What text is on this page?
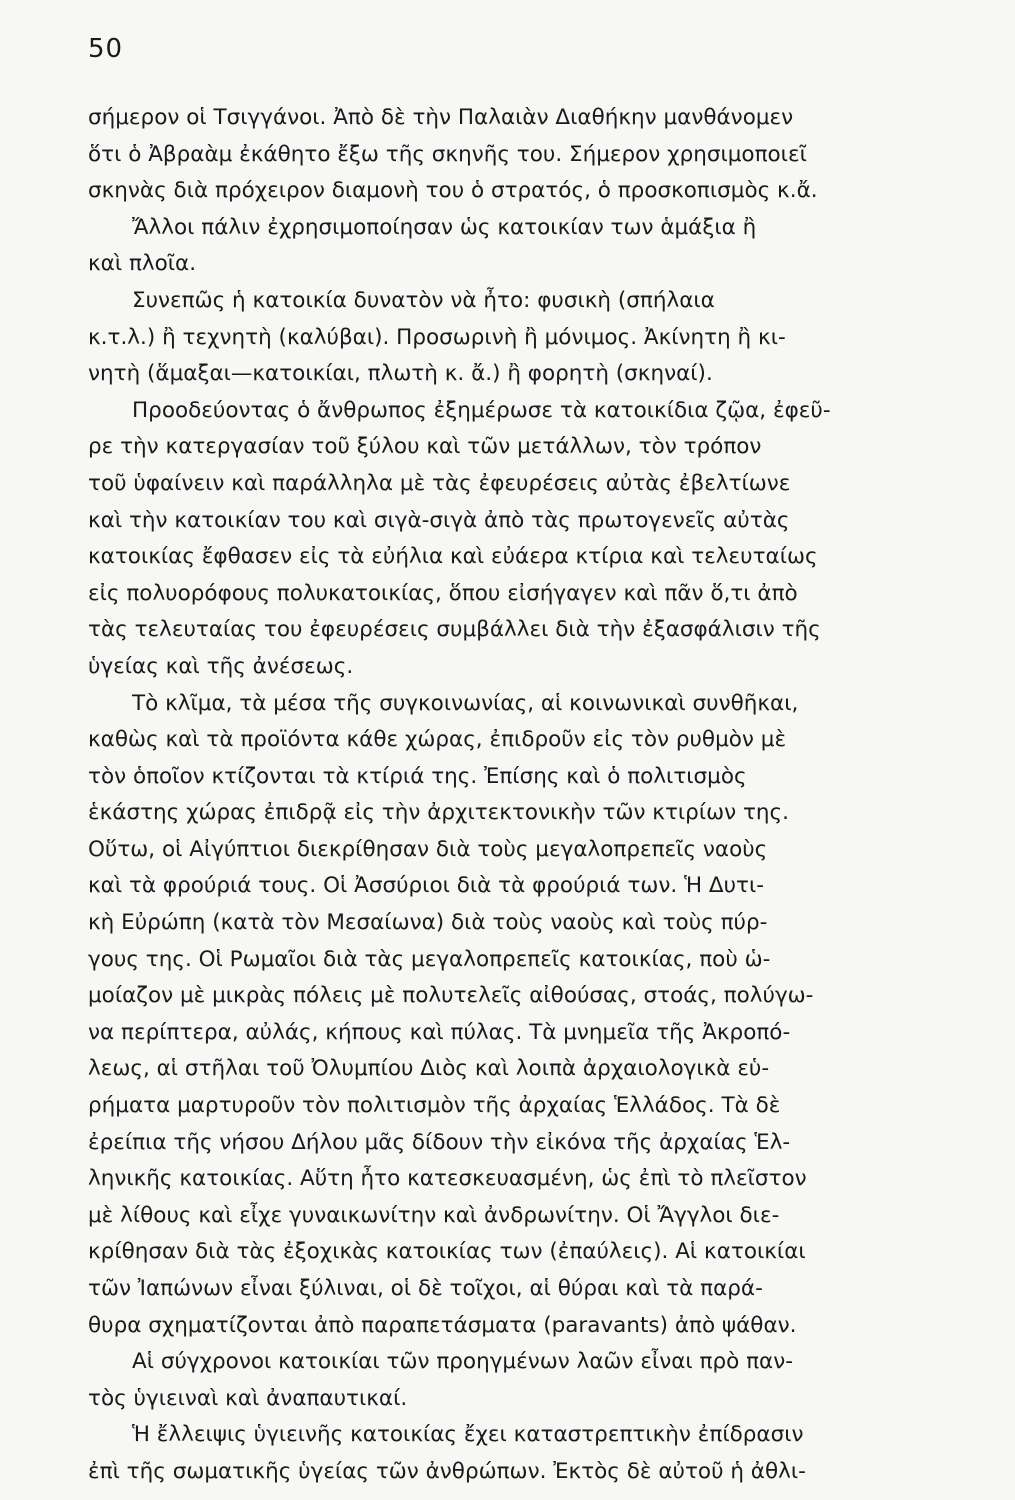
50
σήμερον οἱ Τσιγγάνοι. Ἀπὸ δὲ τὴν Παλαιὰν Διαθήκην μανθάνομεν
ὅτι ὁ Ἀβραὰμ ἐκάθητο ἔξω τῆς σκηνῆς του. Σήμερον χρησιμοποιεῖ
σκηνὰς διὰ πρόχειρον διαμονὴ του ὁ στρατός, ὁ προσκοπισμὸς κ.ἄ.
Ἄλλοι πάλιν ἐχρησιμοποίησαν ὡς κατοικίαν των ἁμάξια ἢ
καὶ πλοῖα.
Συνεπῶς ἡ κατοικία δυνατὸν νὰ ἦτο: φυσικὴ (σπήλαια
κ.τ.λ.) ἢ τεχνητὴ (καλύβαι). Προσωρινὴ ἢ μόνιμος. Ἀκίνητη ἢ κι-
νητὴ (ἅμαξαι—κατοικίαι, πλωτὴ κ. ἄ.) ἢ φορητὴ (σκηναί).
Προοδεύοντας ὁ ἄνθρωπος ἐξημέρωσε τὰ κατοικίδια ζῷα, ἐφεῦ-
ρε τὴν κατεργασίαν τοῦ ξύλου καὶ τῶν μετάλλων, τὸν τρόπον
τοῦ ὑφαίνειν καὶ παράλληλα μὲ τὰς ἐφευρέσεις αὐτὰς ἐβελτίωνε
καὶ τὴν κατοικίαν του καὶ σιγὰ-σιγὰ ἀπὸ τὰς πρωτογενεῖς αὐτὰς
κατοικίας ἔφθασεν εἰς τὰ εὐήλια καὶ εὐάερα κτίρια καὶ τελευταίως
εἰς πολυορόφους πολυκατοικίας, ὅπου εἰσήγαγεν καὶ πᾶν ὅ,τι ἀπὸ
τὰς τελευταίας του ἐφευρέσεις συμβάλλει διὰ τὴν ἐξασφάλισιν τῆς
ὑγείας καὶ τῆς ἀνέσεως.
Τὸ κλῖμα, τὰ μέσα τῆς συγκοινωνίας, αἱ κοινωνικαὶ συνθῆκαι,
καθὼς καὶ τὰ προϊόντα κάθε χώρας, ἐπιδροῦν εἰς τὸν ρυθμὸν μὲ
τὸν ὁποῖον κτίζονται τὰ κτίριά της. Ἐπίσης καὶ ὁ πολιτισμὸς
ἑκάστης χώρας ἐπιδρᾷ εἰς τὴν ἀρχιτεκτονικὴν τῶν κτιρίων της.
Οὕτω, οἱ Αἰγύπτιοι διεκρίθησαν διὰ τοὺς μεγαλοπρεπεῖς ναοὺς
καὶ τὰ φρούριά τους. Οἱ Ἀσσύριοι διὰ τὰ φρούριά των. Ἡ Δυτι-
κὴ Εὐρώπη (κατὰ τὸν Μεσαίωνα) διὰ τοὺς ναοὺς καὶ τοὺς πύρ-
γους της. Οἱ Ρωμαῖοι διὰ τὰς μεγαλοπρεπεῖς κατοικίας, ποὺ ὡ-
μοίαζον μὲ μικρὰς πόλεις μὲ πολυτελεῖς αἰθούσας, στοάς, πολύγω-
να περίπτερα, αὐλάς, κήπους καὶ πύλας. Τὰ μνημεῖα τῆς Ἀκροπό-
λεως, αἱ στῆλαι τοῦ Ὀλυμπίου Διὸς καὶ λοιπὰ ἀρχαιολογικὰ εὑ-
ρήματα μαρτυροῦν τὸν πολιτισμὸν τῆς ἀρχαίας Ἑλλάδος. Τὰ δὲ
ἐρείπια τῆς νήσου Δήλου μᾶς δίδουν τὴν εἰκόνα τῆς ἀρχαίας Ἑλ-
ληνικῆς κατοικίας. Αὕτη ἦτο κατεσκευασμένη, ὡς ἐπὶ τὸ πλεῖστον
μὲ λίθους καὶ εἶχε γυναικωνίτην καὶ ἀνδρωνίτην. Οἱ Ἄγγλοι διε-
κρίθησαν διὰ τὰς ἐξοχικὰς κατοικίας των (ἐπαύλεις). Αἱ κατοικίαι
τῶν Ἰαπώνων εἶναι ξύλιναι, οἱ δὲ τοῖχοι, αἱ θύραι καὶ τὰ παρά-
θυρα σχηματίζονται ἀπὸ παραπετάσματα (paravants) ἀπὸ ψάθαν.
Αἱ σύγχρονοι κατοικίαι τῶν προηγμένων λαῶν εἶναι πρὸ παν-
τὸς ὑγιειναὶ καὶ ἀναπαυτικαί.
Ἡ ἔλλειψις ὑγιεινῆς κατοικίας ἔχει καταστρεπτικὴν ἐπίδρασιν
ἐπὶ τῆς σωματικῆς ὑγείας τῶν ἀνθρώπων. Ἐκτὸς δὲ αὐτοῦ ἡ ἀθλι-
